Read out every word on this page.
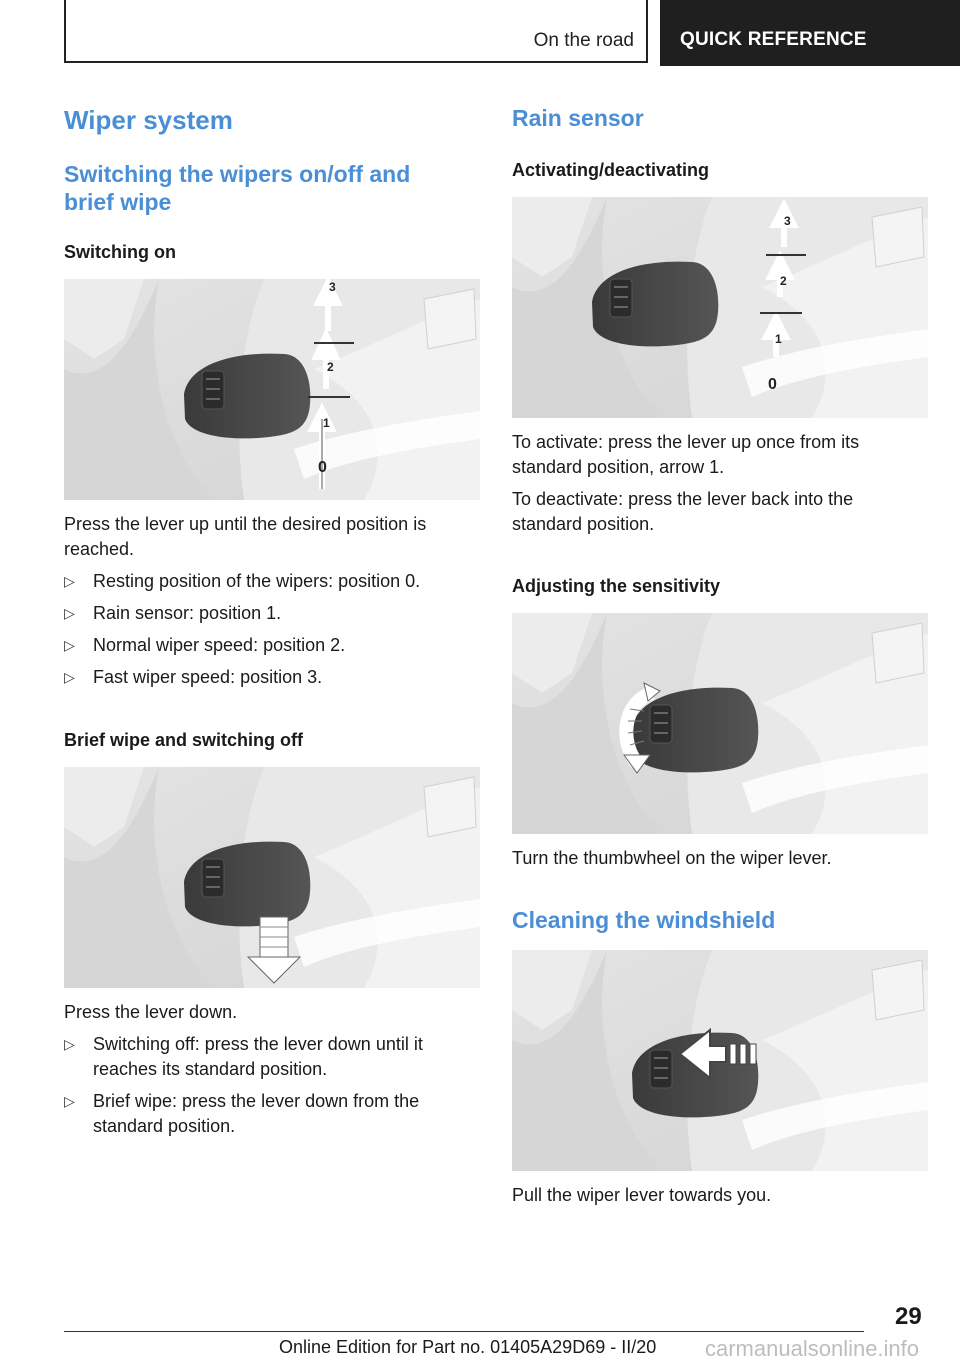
On the road QUICK REFERENCE
Wiper system
Switching the wipers on/off and brief wipe
Switching on
3
2
1
0

Press the lever up until the desired position is reached.

▷ Resting position of the wipers: position 0.
▷ Rain sensor: position 1.
▷ Normal wiper speed: position 2.
▷ Fast wiper speed: position 3.
Brief wipe and switching off

Press the lever down.

▷ Switching off: press the lever down until it reaches its standard position.
▷ Brief wipe: press the lever down from the standard position.
Rain sensor
Activating/deactivating
3
2
1
0

To activate: press the lever up once from its standard position, arrow 1.

To deactivate: press the lever back into the standard position.

Adjusting the sensitivity

Turn the thumbwheel on the wiper lever.

Cleaning the windshield

Pull the wiper lever towards you.

29
Online Edition for Part no. 01405A29D69 - II/20 carmanualsonline.info
